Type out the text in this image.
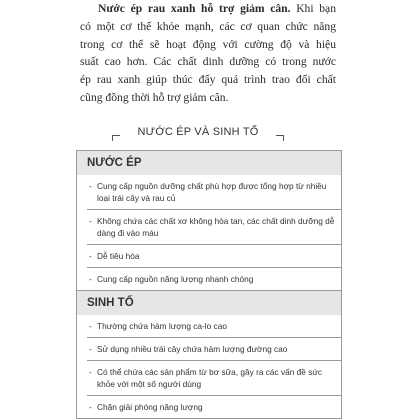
Nước ép rau xanh hỗ trợ giảm cân. Khi bạn
có một cơ thể khỏe mạnh, các cơ quan chức năng
trong cơ thể sẽ hoạt động với cường độ và hiệu
suất cao hơn. Các chất dinh dưỡng có trong nước
ép rau xanh giúp thúc đẩy quá trình trao đổi chất
cũng đồng thời hỗ trợ giảm cân.
NƯỚC ÉP VÀ SINH TỐ
NƯỚC ÉP
- Cung cấp nguồn dưỡng chất phù hợp được tổng hợp từ nhiều loại trái cây và rau củ
- Không chứa các chất xơ không hòa tan, các chất dinh dưỡng dễ dàng đi vào máu
- Dễ tiêu hóa
- Cung cấp nguồn năng lượng nhanh chóng
SINH TỐ
- Thường chứa hàm lượng ca-lo cao
- Sử dụng nhiều trái cây chứa hàm lượng đường cao
- Có thể chứa các sản phẩm từ bơ sữa, gây ra các vấn đề sức khỏe với một số người dùng
- Chặn giải phóng năng lượng
